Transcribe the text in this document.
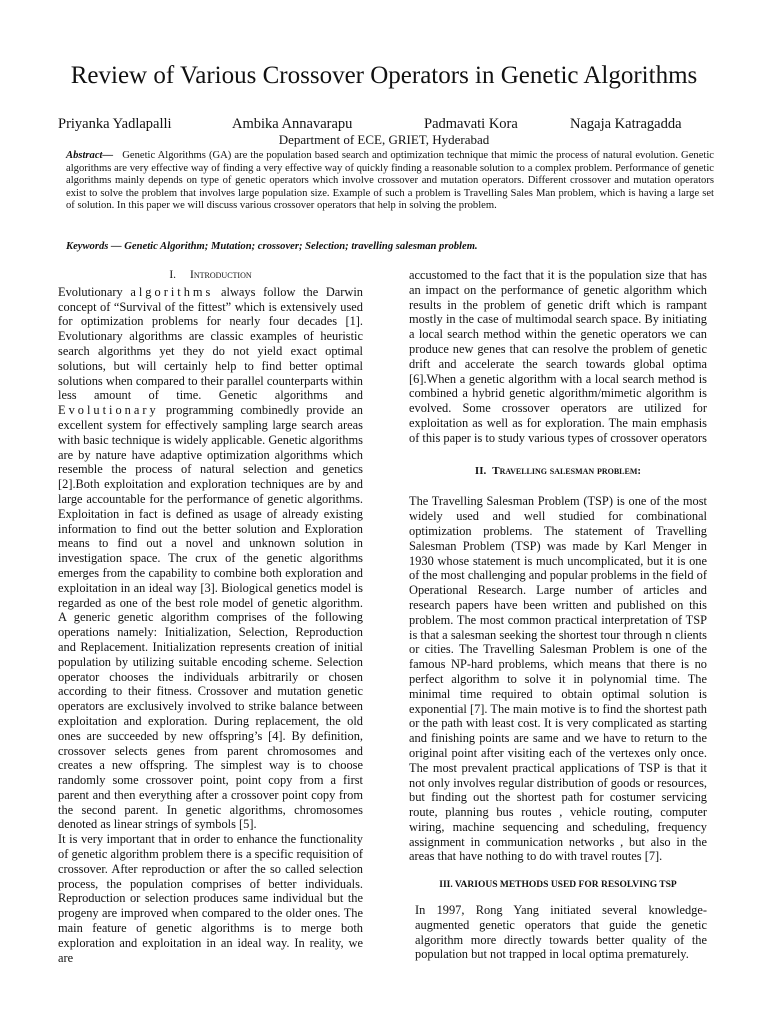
Review of Various Crossover Operators in Genetic Algorithms
Priyanka Yadlapalli	Ambika Annavarapu	Padmavati Kora	Nagaja Katragadda
Department of ECE, GRIET, Hyderabad

Abstract— Genetic Algorithms (GA) are the population based search and optimization technique that mimic the process of natural evolution. Genetic algorithms are very effective way of finding a very effective way of quickly finding a reasonable solution to a complex problem. Performance of genetic algorithms mainly depends on type of genetic operators which involve crossover and mutation operators. Different crossover and mutation operators exist to solve the problem that involves large population size. Example of such a problem is Travelling Sales Man problem, which is having a large set of solution. In this paper we will discuss various crossover operators that help in solving the problem.

Keywords — Genetic Algorithm; Mutation; crossover; Selection; travelling salesman problem.

I. Introduction

Evolutionary algorithms always follow the Darwin concept of “Survival of the fittest” which is extensively used for optimization problems for nearly four decades [1]. Evolutionary algorithms are classic examples of heuristic search algorithms yet they do not yield exact optimal solutions, but will certainly help to find better optimal solutions when compared to their parallel counterparts within less amount of time. Genetic algorithms and Evolutionary programming combinedly provide an excellent system for effectively sampling large search areas with basic technique is widely applicable. Genetic algorithms are by nature have adaptive optimization algorithms which resemble the process of natural selection and genetics [2].Both exploitation and exploration techniques are by and large accountable for the performance of genetic algorithms. Exploitation in fact is defined as usage of already existing information to find out the better solution and Exploration means to find out a novel and unknown solution in investigation space. The crux of the genetic algorithms emerges from the capability to combine both exploration and exploitation in an ideal way [3]. Biological genetics model is regarded as one of the best role model of genetic algorithm. A generic genetic algorithm comprises of the following operations namely: Initialization, Selection, Reproduction and Replacement. Initialization represents creation of initial population by utilizing suitable encoding scheme. Selection operator chooses the individuals arbitrarily or chosen according to their fitness. Crossover and mutation genetic operators are exclusively involved to strike balance between exploitation and exploration. During replacement, the old ones are succeeded by new offspring’s [4]. By definition, crossover selects genes from parent chromosomes and creates a new offspring. The simplest way is to choose randomly some crossover point, point copy from a first parent and then everything after a crossover point copy from the second parent. In genetic algorithms, chromosomes denoted as linear strings of symbols [5].

It is very important that in order to enhance the functionality of genetic algorithm problem there is a specific requisition of crossover. After reproduction or after the so called selection process, the population comprises of better individuals. Reproduction or selection produces same individual but the progeny are improved when compared to the older ones. The main feature of genetic algorithms is to merge both exploration and exploitation in an ideal way. In reality, we are

accustomed to the fact that it is the population size that has an impact on the performance of genetic algorithm which results in the problem of genetic drift which is rampant mostly in the case of multimodal search space. By initiating a local search method within the genetic operators we can produce new genes that can resolve the problem of genetic drift and accelerate the search towards global optima [6].When a genetic algorithm with a local search method is combined a hybrid genetic algorithm/mimetic algorithm is evolved. Some crossover operators are utilized for exploitation as well as for exploration. The main emphasis of this paper is to study various types of crossover operators

II. Travelling salesman problem:

The Travelling Salesman Problem (TSP) is one of the most widely used and well studied for combinational optimization problems. The statement of Travelling Salesman Problem (TSP) was made by Karl Menger in 1930 whose statement is much uncomplicated, but it is one of the most challenging and popular problems in the field of Operational Research. Large number of articles and research papers have been written and published on this problem. The most common practical interpretation of TSP is that a salesman seeking the shortest tour through n clients or cities. The Travelling Salesman Problem is one of the famous NP-hard problems, which means that there is no perfect algorithm to solve it in polynomial time. The minimal time required to obtain optimal solution is exponential [7]. The main motive is to find the shortest path or the path with least cost. It is very complicated as starting and finishing points are same and we have to return to the original point after visiting each of the vertexes only once. The most prevalent practical applications of TSP is that it not only involves regular distribution of goods or resources, but finding out the shortest path for costumer servicing route, planning bus routes , vehicle routing, computer wiring, machine sequencing and scheduling, frequency assignment in communication networks , but also in the areas that have nothing to do with travel routes [7].

III. VARIOUS METHODS USED FOR RESOLVING TSP

In 1997, Rong Yang initiated several knowledge-augmented genetic operators that guide the genetic algorithm more directly towards better quality of the population but not trapped in local optima prematurely.
